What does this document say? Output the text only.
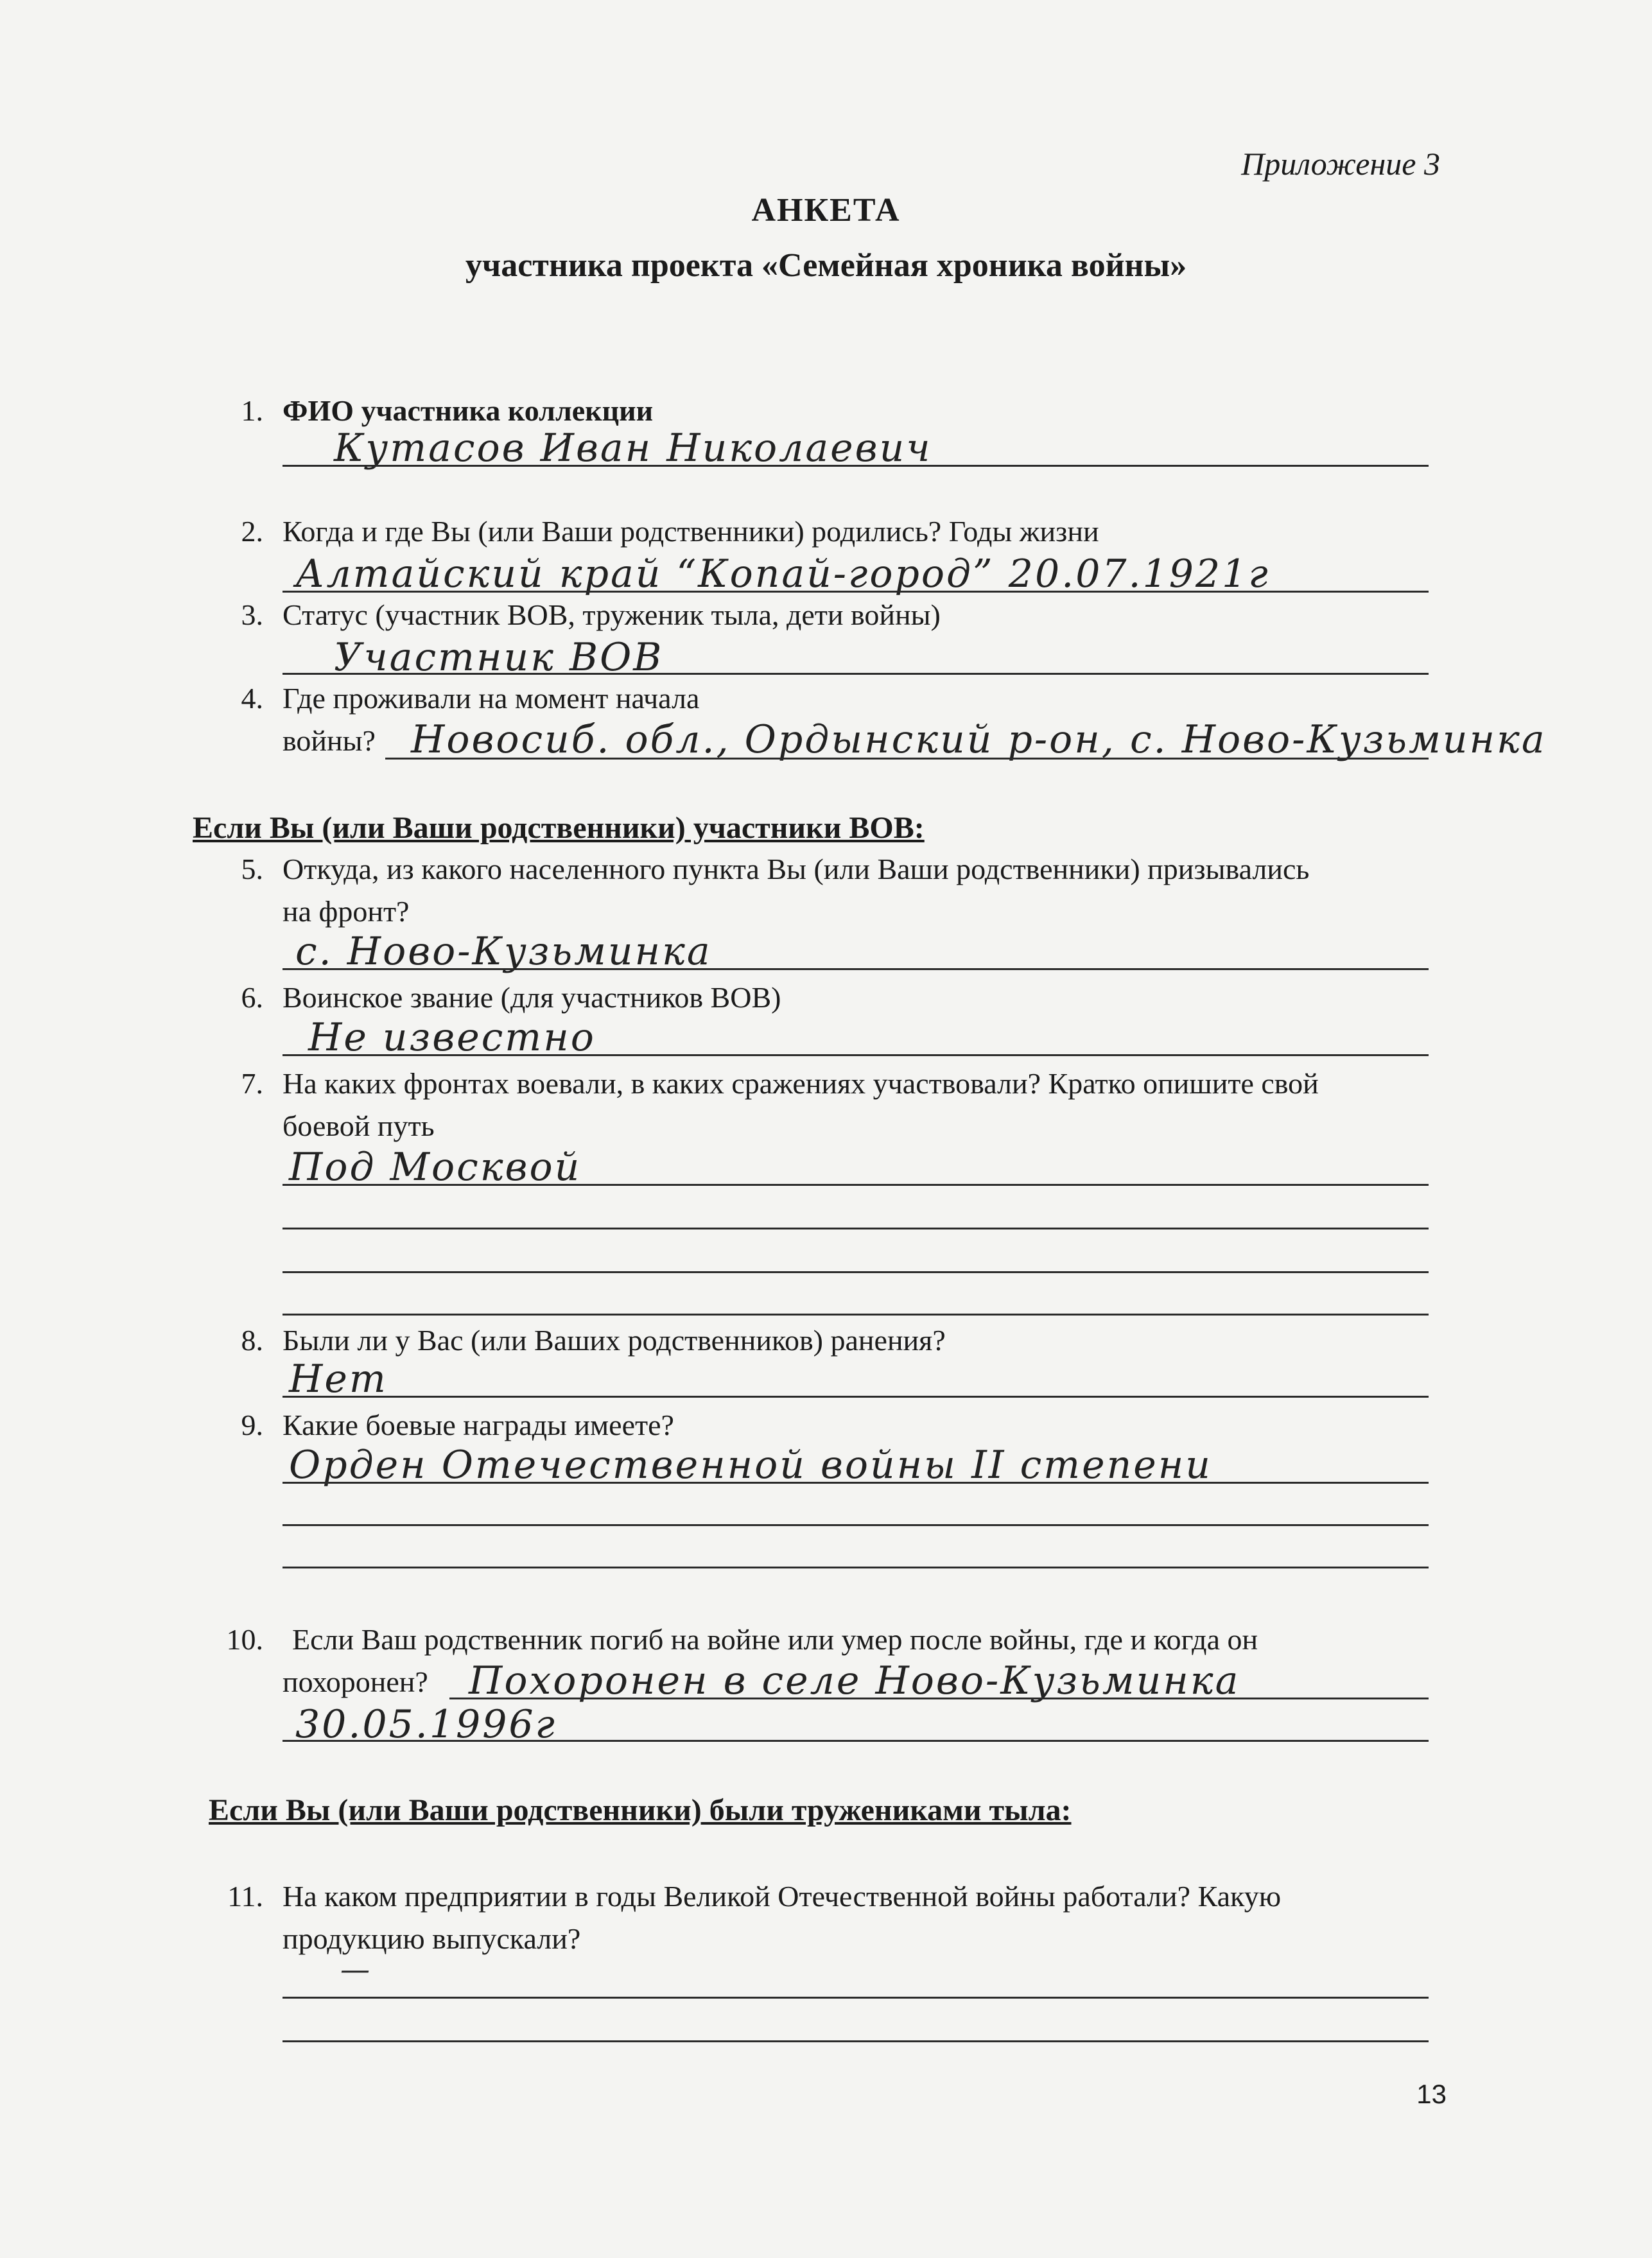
Приложение 3
АНКЕТА
участника проекта «Семейная хроника войны»
1. ФИО участника коллекции
Кутасов Иван Николаевич
2. Когда и где Вы (или Ваши родственники) родились? Годы жизни
Алтайский край “Копай-город” 20.07.1921г
3. Статус (участник ВОВ, труженик тыла, дети войны)
Участник ВОВ
4. Где проживали на момент начала
войны? Новосиб. обл., Ордынский р-он, с. Ново-Кузьминка
Если Вы (или Ваши родственники) участники ВОВ:
5. Откуда, из какого населенного пункта Вы (или Ваши родственники) призывались
на фронт?
с. Ново-Кузьминка
6. Воинское звание (для участников ВОВ)
Не известно
7. На каких фронтах воевали, в каких сражениях участвовали? Кратко опишите свой
боевой путь
Под Москвой
8. Были ли у Вас (или Ваших родственников) ранения?
Нет
9. Какие боевые награды имеете?
Орден Отечественной войны II степени
10. Если Ваш родственник погиб на войне или умер после войны, где и когда он
похоронен? Похоронен в селе Ново-Кузьминка
30.05.1996г
Если Вы (или Ваши родственники) были тружениками тыла:
11. На каком предприятии в годы Великой Отечественной войны работали? Какую
продукцию выпускали?
—
13
